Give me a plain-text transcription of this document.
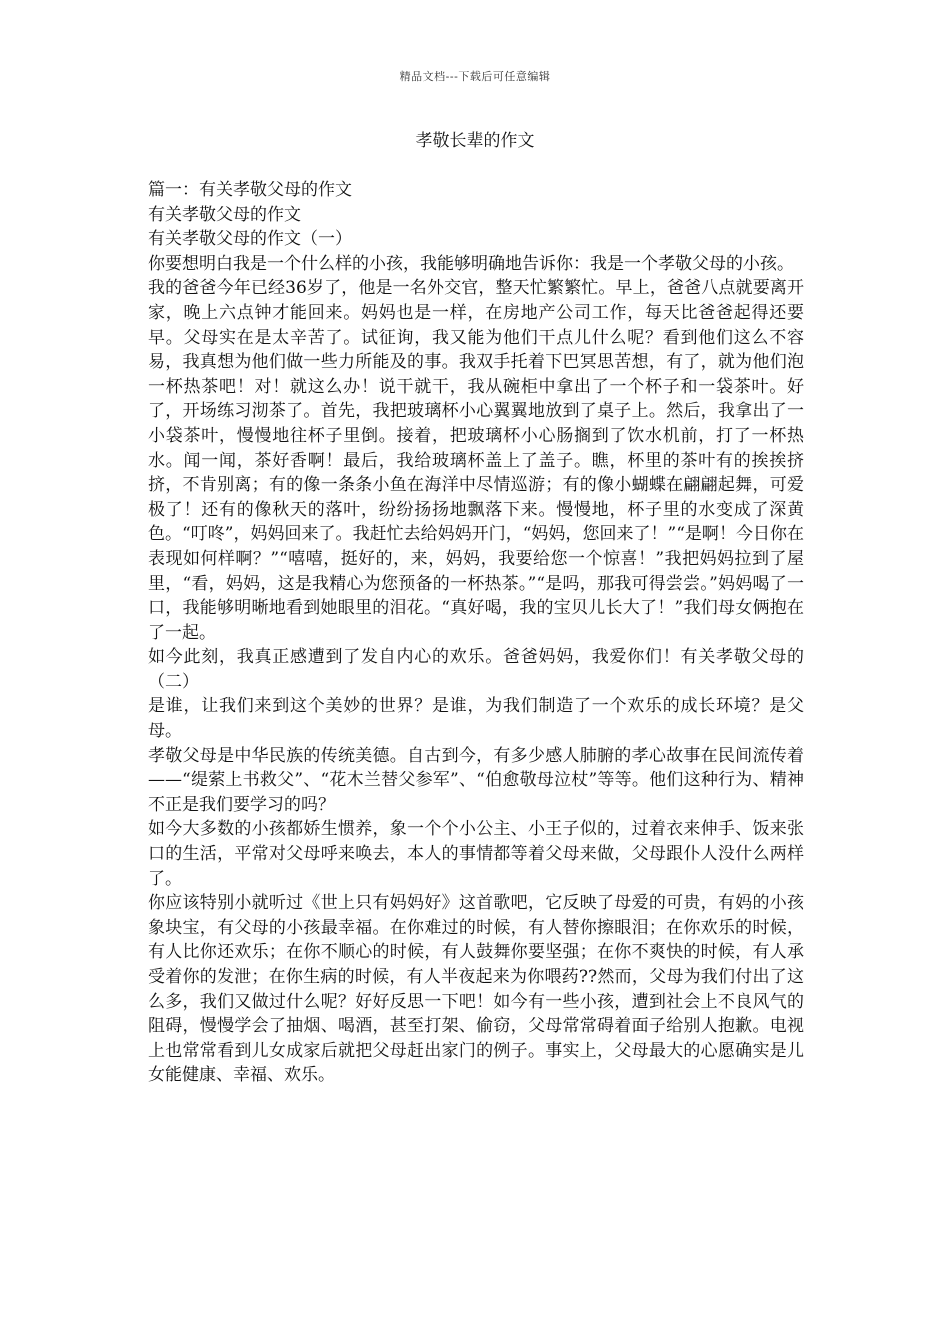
精品文档---下载后可任意编辑
孝敬长辈的作文

篇一：有关孝敬父母的作文

有关孝敬父母的作文

有关孝敬父母的作文（一）

你要想明白我是一个什么样的小孩，我能够明确地告诉你：我是一个孝敬父母的小孩。

我的爸爸今年已经36岁了，他是一名外交官，整天忙繁繁忙。早上，爸爸八点就要离开家，晚上六点钟才能回来。妈妈也是一样，在房地产公司工作，每天比爸爸起得还要早。父母实在是太辛苦了。试征询，我又能为他们干点儿什么呢？看到他们这么不容易，我真想为他们做一些力所能及的事。我双手托着下巴冥思苦想，有了，就为他们泡一杯热茶吧！对！就这么办！说干就干，我从碗柜中拿出了一个杯子和一袋茶叶。好了，开场练习沏茶了。首先，我把玻璃杯小心翼翼地放到了桌子上。然后，我拿出了一小袋茶叶，慢慢地往杯子里倒。接着，把玻璃杯小心肠搁到了饮水机前，打了一杯热水。闻一闻，茶好香啊！最后，我给玻璃杯盖上了盖子。瞧，杯里的茶叶有的挨挨挤挤，不肯别离；有的像一条条小鱼在海洋中尽情巡游；有的像小蝴蝶在翩翩起舞，可爱极了！还有的像秋天的落叶，纷纷扬扬地飘落下来。慢慢地，杯子里的水变成了深黄色。“叮咚”，妈妈回来了。我赶忙去给妈妈开门，“妈妈，您回来了！”“是啊！今日你在表现如何样啊？”“嘻嘻，挺好的，来，妈妈，我要给您一个惊喜！”我把妈妈拉到了屋里，“看，妈妈，这是我精心为您预备的一杯热茶。”“是吗，那我可得尝尝。”妈妈喝了一口，我能够明晰地看到她眼里的泪花。“真好喝，我的宝贝儿长大了！”我们母女俩抱在了一起。

如今此刻，我真正感遭到了发自内心的欢乐。爸爸妈妈，我爱你们！有关孝敬父母的（二）

是谁，让我们来到这个美妙的世界？是谁，为我们制造了一个欢乐的成长环境？是父母。

孝敬父母是中华民族的传统美德。自古到今，有多少感人肺腑的孝心故事在民间流传着——“缇萦上书救父”、“花木兰替父参军”、“伯愈敬母泣杖”等等。他们这种行为、精神不正是我们要学习的吗？

如今大多数的小孩都娇生惯养，象一个个小公主、小王子似的，过着衣来伸手、饭来张口的生活，平常对父母呼来唤去，本人的事情都等着父母来做，父母跟仆人没什么两样了。

你应该特别小就听过《世上只有妈妈好》这首歌吧，它反映了母爱的可贵，有妈的小孩象块宝，有父母的小孩最幸福。在你难过的时候，有人替你擦眼泪；在你欢乐的时候，有人比你还欢乐；在你不顺心的时候，有人鼓舞你要坚强；在你不爽快的时候，有人承受着你的发泄；在你生病的时候，有人半夜起来为你喂药??然而，父母为我们付出了这么多，我们又做过什么呢？好好反思一下吧！如今有一些小孩，遭到社会上不良风气的阻碍，慢慢学会了抽烟、喝酒，甚至打架、偷窃，父母常常碍着面子给别人抱歉。电视上也常常看到儿女成家后就把父母赶出家门的例子。事实上，父母最大的心愿确实是儿女能健康、幸福、欢乐。
